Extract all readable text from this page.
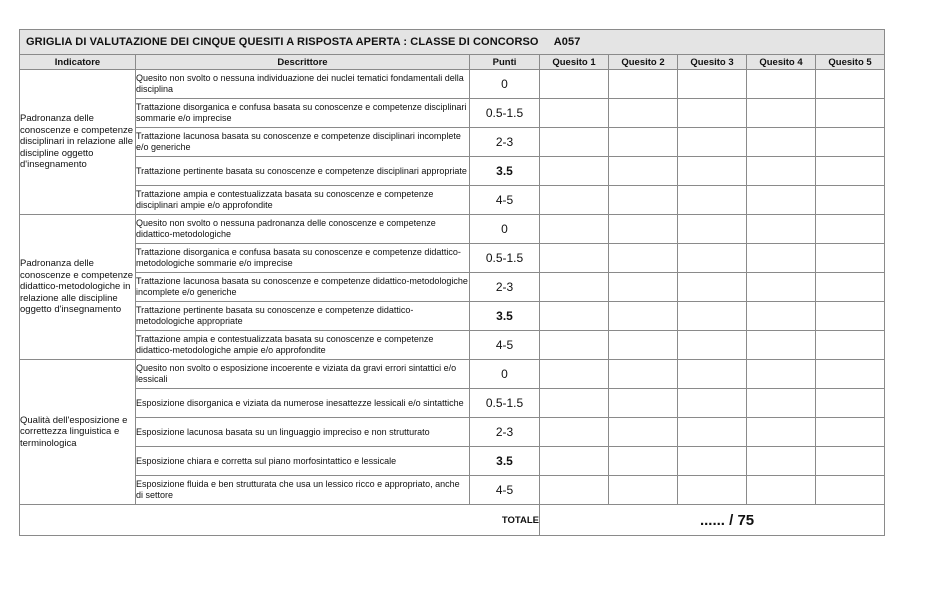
GRIGLIA DI VALUTAZIONE DEI CINQUE QUESITI A RISPOSTA APERTA : CLASSE DI CONCORSO A057							
Indicatore	Descrittore	Punti	Quesito 1	Quesito 2	Quesito 3	Quesito 4	Quesito 5
Padronanza delle conoscenze e competenze disciplinari in relazione alle discipline oggetto d'insegnamento	Quesito non svolto o nessuna individuazione dei nuclei tematici fondamentali della disciplina	0					
	Trattazione disorganica e confusa basata su conoscenze e competenze disciplinari sommarie e/o imprecise	0.5-1.5					
	Trattazione lacunosa basata su conoscenze e competenze disciplinari incomplete e/o generiche	2-3					
	Trattazione pertinente basata su conoscenze e competenze disciplinari appropriate	3.5					
	Trattazione ampia e contestualizzata basata su conoscenze e competenze disciplinari ampie e/o approfondite	4-5					
Padronanza delle conoscenze e competenze didattico-metodologiche in relazione alle discipline oggetto d'insegnamento	Quesito non svolto o nessuna padronanza delle conoscenze e competenze didattico-metodologiche	0					
	Trattazione disorganica e confusa basata su conoscenze e competenze didattico-metodologiche sommarie e/o imprecise	0.5-1.5					
	Trattazione lacunosa basata su conoscenze e competenze didattico-metodologiche incomplete e/o generiche	2-3					
	Trattazione pertinente basata su conoscenze e competenze didattico-metodologiche appropriate	3.5					
	Trattazione ampia e contestualizzata basata su conoscenze e competenze didattico-metodologiche ampie e/o approfondite	4-5					
Qualità dell'esposizione e correttezza linguistica e terminologica	Quesito non svolto o esposizione incoerente e viziata da gravi errori sintattici e/o lessicali	0					
	Esposizione disorganica e viziata da numerose inesattezze lessicali e/o sintattiche	0.5-1.5					
	Esposizione lacunosa basata su un linguaggio impreciso e non strutturato	2-3					
	Esposizione chiara e corretta sul piano morfosintattico e lessicale	3.5					
	Esposizione fluida e ben strutturata che usa un lessico ricco e appropriato, anche di settore	4-5					
TOTALE			...... / 75				
